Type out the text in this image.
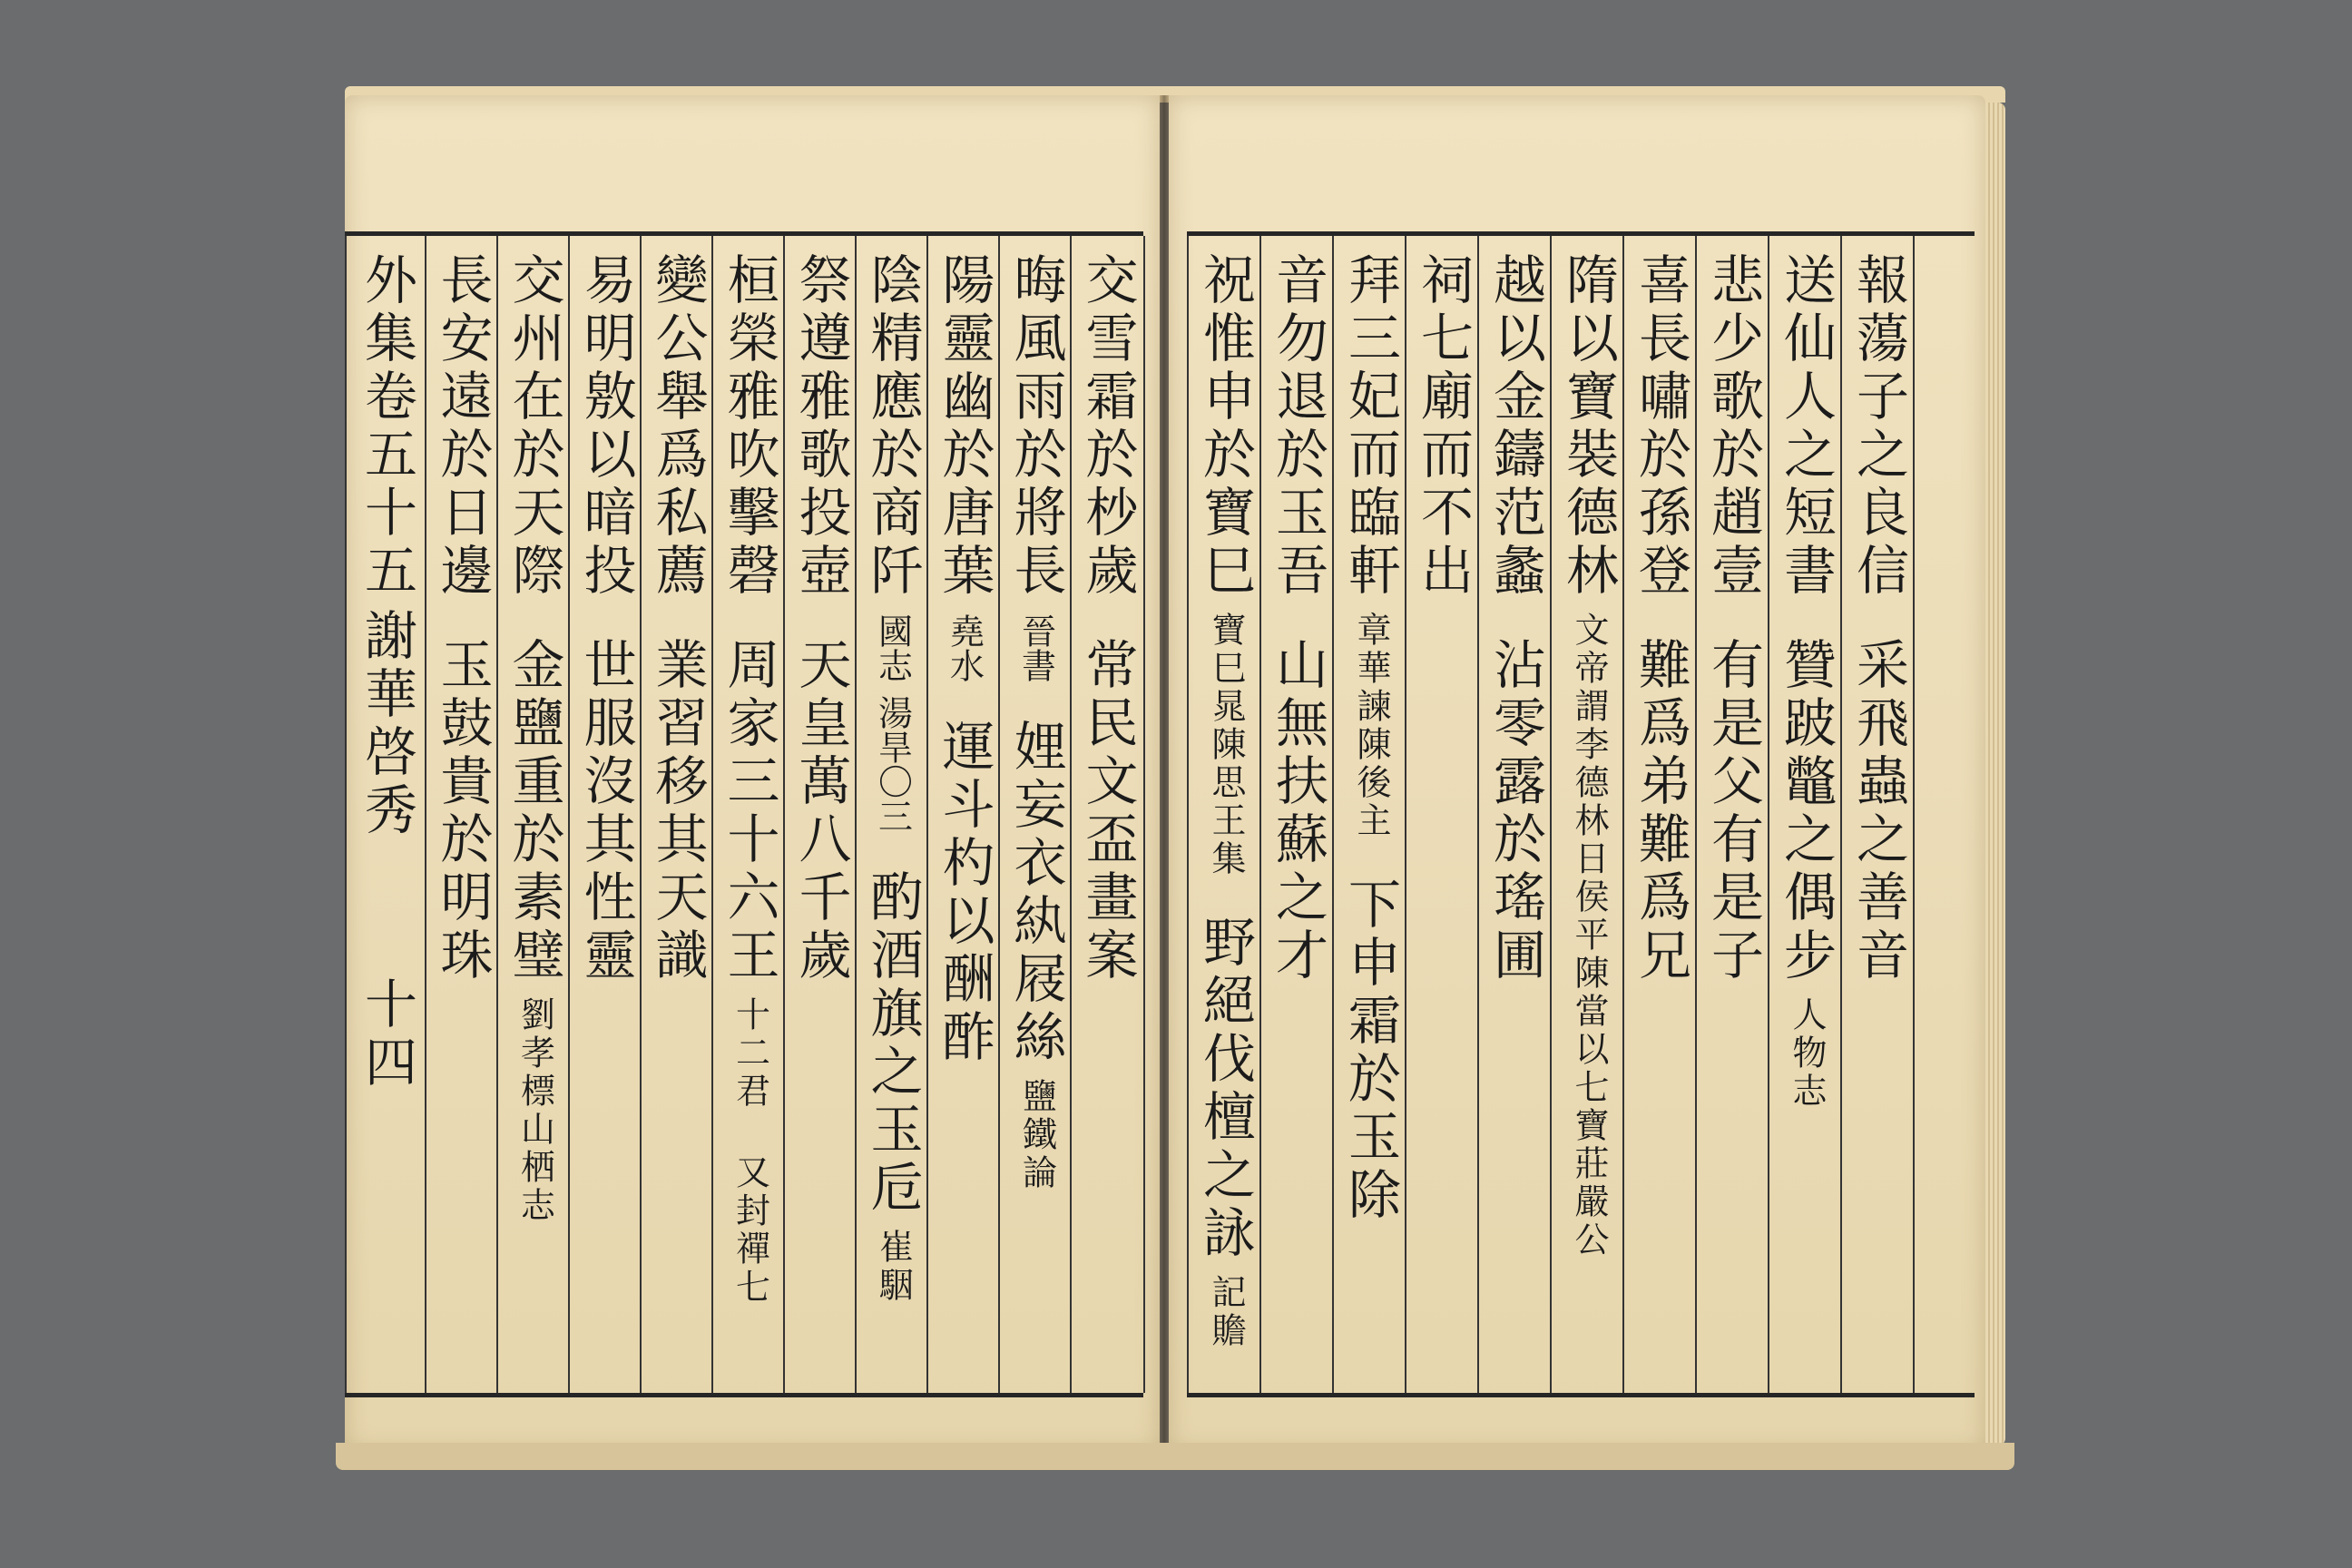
外集卷五十五
謝華啓秀
十四
長安遠於日邊
玉鼓貴於明珠
交州在於天際
金鹽重於素璧
劉孝標山栖志
易明敫以暗投
世服沒其性靈
變公舉爲私薦
業習移其天識
桓榮雅吹擊磬
周家三十六王
十二君 又封禪七
祭遵雅歌投壺
天皇萬八千歲
陰精應於商阡
國志
湯旱〇三
酌酒旗之玉卮
崔駰
陽靈幽於唐葉
堯水
運斗杓以酬酢
晦風雨於將長
晉書
娌妄衣紈屐絲
鹽鐵論
交雪霜於杪歲
常民文盃畫案
祝惟申於寶巳
寶巳晁陳思王集
野絕伐檀之詠
記贍
音勿退於玉吾
山無扶蘇之才
拜三妃而臨軒
章華諫陳後主
下申霜於玉除
祠七廟而不出 越以金鑄范蠡
沾零露於瑤圃
隋以寶裝德林
文帝謂李德林日侯平陳當以七寶莊嚴公
喜長嘯於孫登
難爲弟難爲兄
悲少歌於趙壹
有是父有是子
送仙人之短書
贊跛鼈之偶步
人物志
報蕩子之良信
采飛蟲之善音
